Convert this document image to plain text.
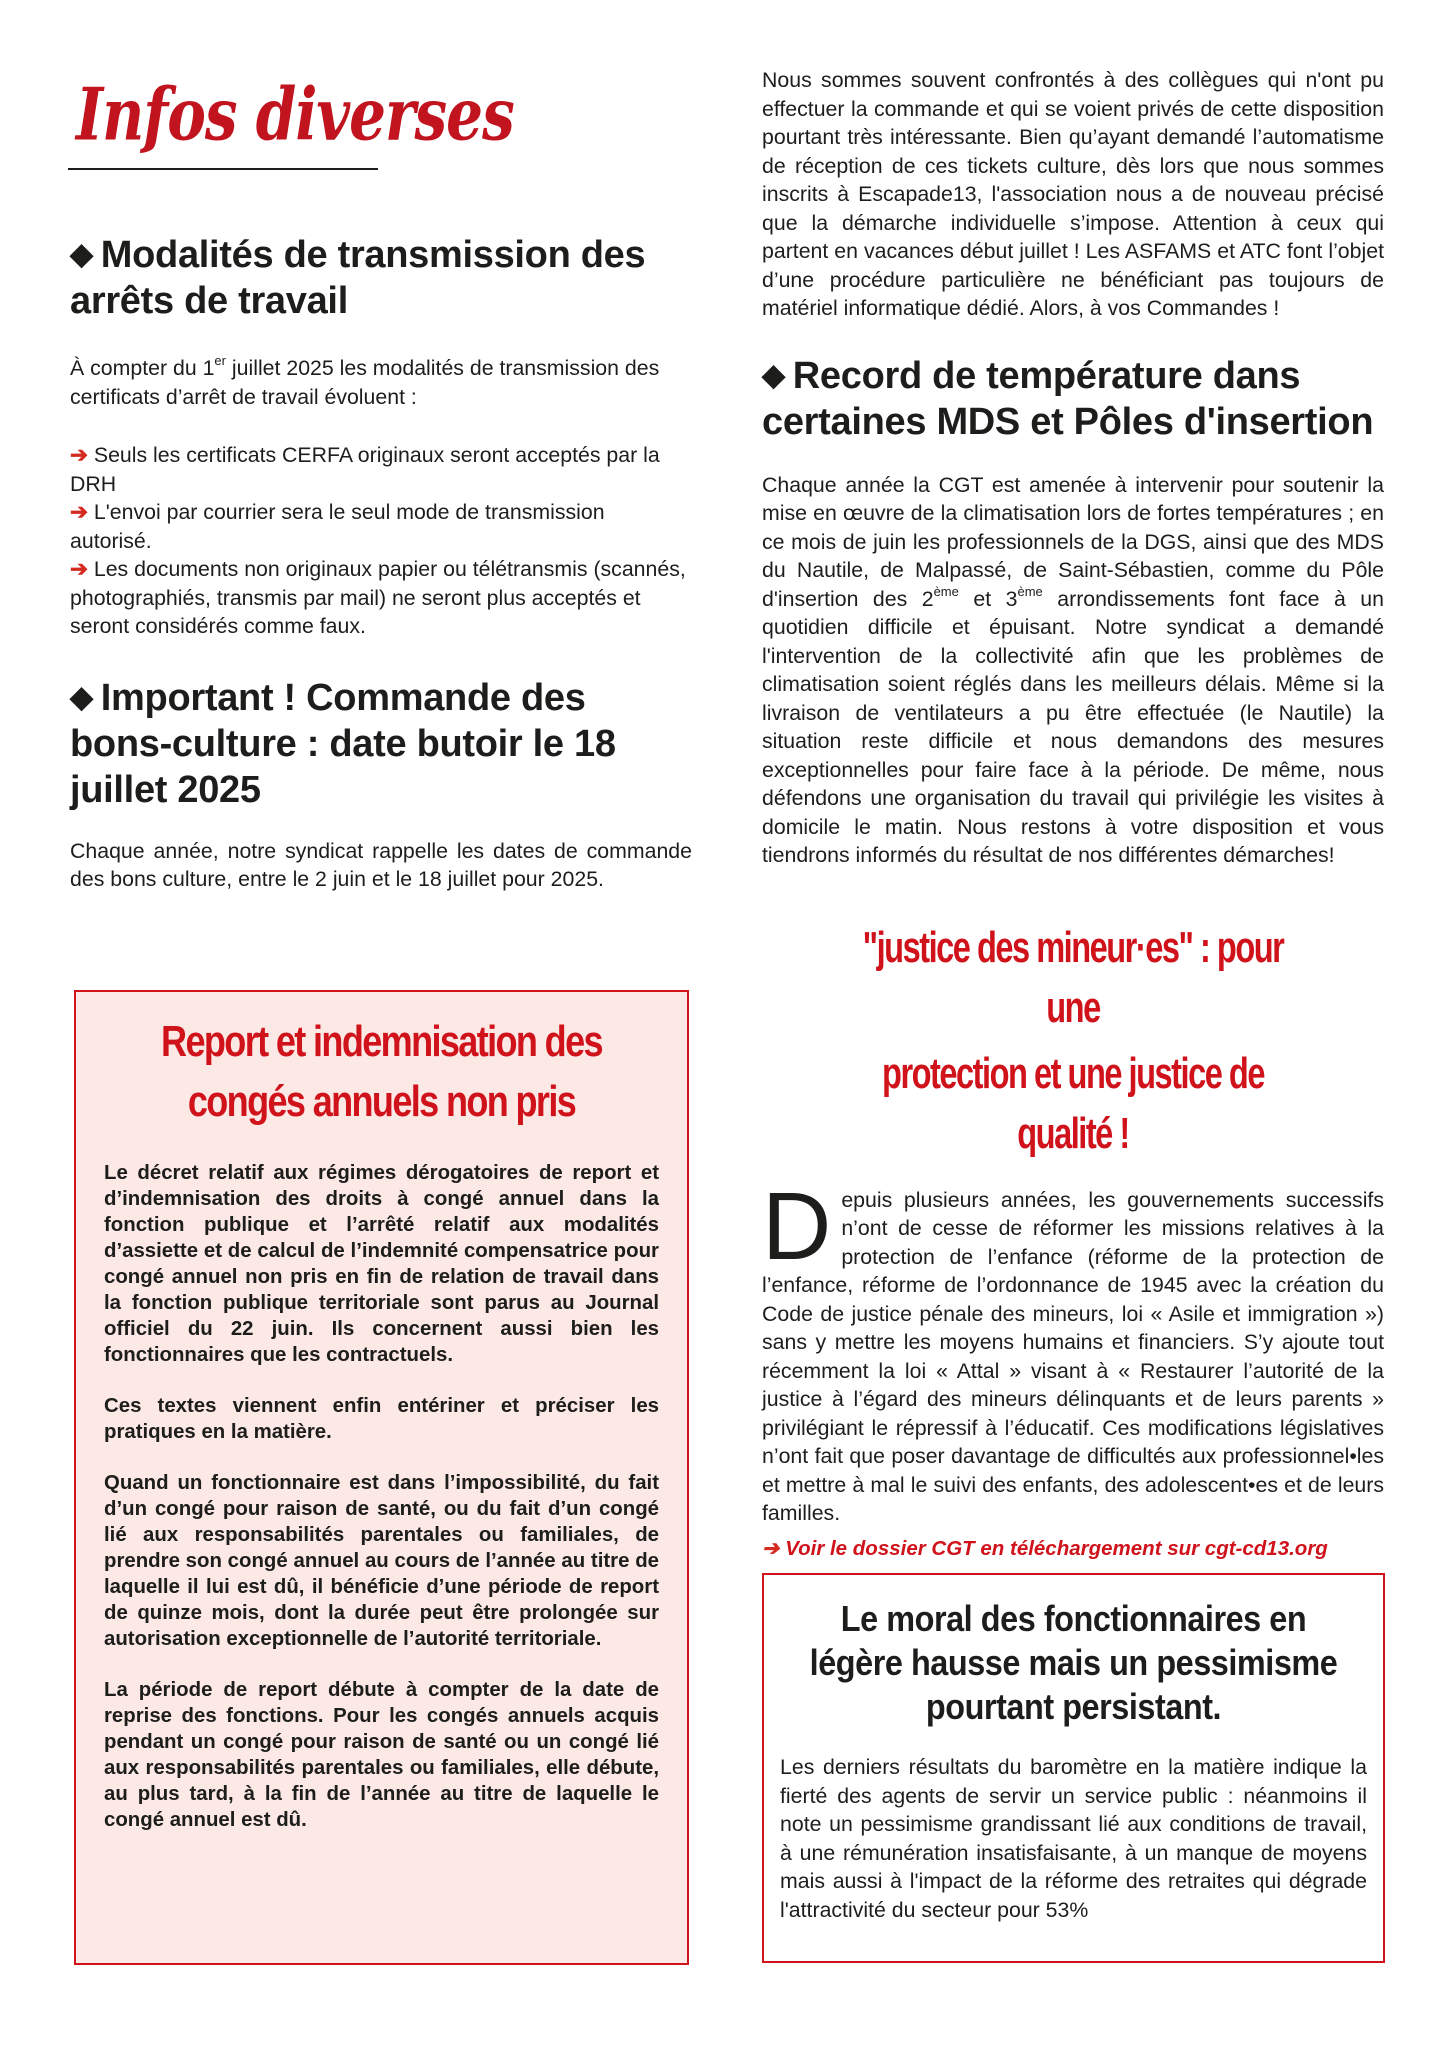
Infos diverses
◆ Modalités de transmission des arrêts de travail

À compter du 1er juillet 2025 les modalités de transmission des certificats d’arrêt de travail évoluent :

➔ Seuls les certificats CERFA originaux seront acceptés par la DRH

➔ L'envoi par courrier sera le seul mode de transmission autorisé.

➔ Les documents non originaux papier ou télétransmis (scannés, photographiés, transmis par mail) ne seront plus acceptés et seront considérés comme faux.

◆ Important ! Commande des bons-culture : date butoir le 18 juillet 2025

Chaque année, notre syndicat rappelle les dates de commande des bons culture, entre le 2 juin et le 18 juillet pour 2025.

Nous sommes souvent confrontés à des collègues qui n'ont pu effectuer la commande et qui se voient privés de cette disposition pourtant très intéressante. Bien qu’ayant demandé l’automatisme de réception de ces tickets culture, dès lors que nous sommes inscrits à Escapade13, l'association nous a de nouveau précisé que la démarche individuelle s’impose. Attention à ceux qui partent en vacances début juillet ! Les ASFAMS et ATC font l’objet d’une procédure particulière ne bénéficiant pas toujours de matériel informatique dédié. Alors, à vos Commandes !

◆ Record de température dans certaines MDS et Pôles d'insertion

Chaque année la CGT est amenée à intervenir pour soutenir la mise en œuvre de la climatisation lors de fortes températures ; en ce mois de juin les professionnels de la DGS, ainsi que des MDS du Nautile, de Malpassé, de Saint-Sébastien, comme du Pôle d'insertion des 2ème et 3ème arrondissements font face à un quotidien difficile et épuisant. Notre syndicat a demandé l'intervention de la collectivité afin que les problèmes de climatisation soient réglés dans les meilleurs délais. Même si la livraison de ventilateurs a pu être effectuée (le Nautile) la situation reste difficile et nous demandons des mesures exceptionnelles pour faire face à la période. De même, nous défendons une organisation du travail qui privilégie les visites à domicile le matin. Nous restons à votre disposition et vous tiendrons informés du résultat de nos différentes démarches!

"justice des mineur·es" : pour une
protection et une justice de qualité !

Depuis plusieurs années, les gouvernements successifs n’ont de cesse de réformer les missions relatives à la protection de l’enfance (réforme de la protection de l’enfance, réforme de l’ordonnance de 1945 avec la création du Code de justice pénale des mineurs, loi « Asile et immigration ») sans y mettre les moyens humains et financiers. S’y ajoute tout récemment la loi « Attal » visant à « Restaurer l’autorité de la justice à l’égard des mineurs délinquants et de leurs parents » privilégiant le répressif à l’éducatif. Ces modifications législatives n’ont fait que poser davantage de difficultés aux professionnel•les et mettre à mal le suivi des enfants, des adolescent•es et de leurs familles.

➔ Voir le dossier CGT en téléchargement sur cgt-cd13.org

Report et indemnisation des congés annuels non pris

Le décret relatif aux régimes dérogatoires de report et d’indemnisation des droits à congé annuel dans la fonction publique et l’arrêté relatif aux modalités d’assiette et de calcul de l’indemnité compensatrice pour congé annuel non pris en fin de relation de travail dans la fonction publique territoriale sont parus au Journal officiel du 22 juin. Ils concernent aussi bien les fonctionnaires que les contractuels.

Ces textes viennent enfin entériner et préciser les pratiques en la matière.

Quand un fonctionnaire est dans l’impossibilité, du fait d’un congé pour raison de santé, ou du fait d’un congé lié aux responsabilités parentales ou familiales, de prendre son congé annuel au cours de l’année au titre de laquelle il lui est dû, il bénéficie d’une période de report de quinze mois, dont la durée peut être prolongée sur autorisation exceptionnelle de l’autorité territoriale.

La période de report débute à compter de la date de reprise des fonctions. Pour les congés annuels acquis pendant un congé pour raison de santé ou un congé lié aux responsabilités parentales ou familiales, elle débute, au plus tard, à la fin de l’année au titre de laquelle le congé annuel est dû.

Le moral des fonctionnaires en légère hausse mais un pessimisme pourtant persistant.

Les derniers résultats du baromètre en la matière indique la fierté des agents de servir un service public : néanmoins il note un pessimisme grandissant lié aux conditions de travail, à une rémunération insatisfaisante, à un manque de moyens mais aussi à l'impact de la réforme des retraites qui dégrade l'attractivité du secteur pour 53%
